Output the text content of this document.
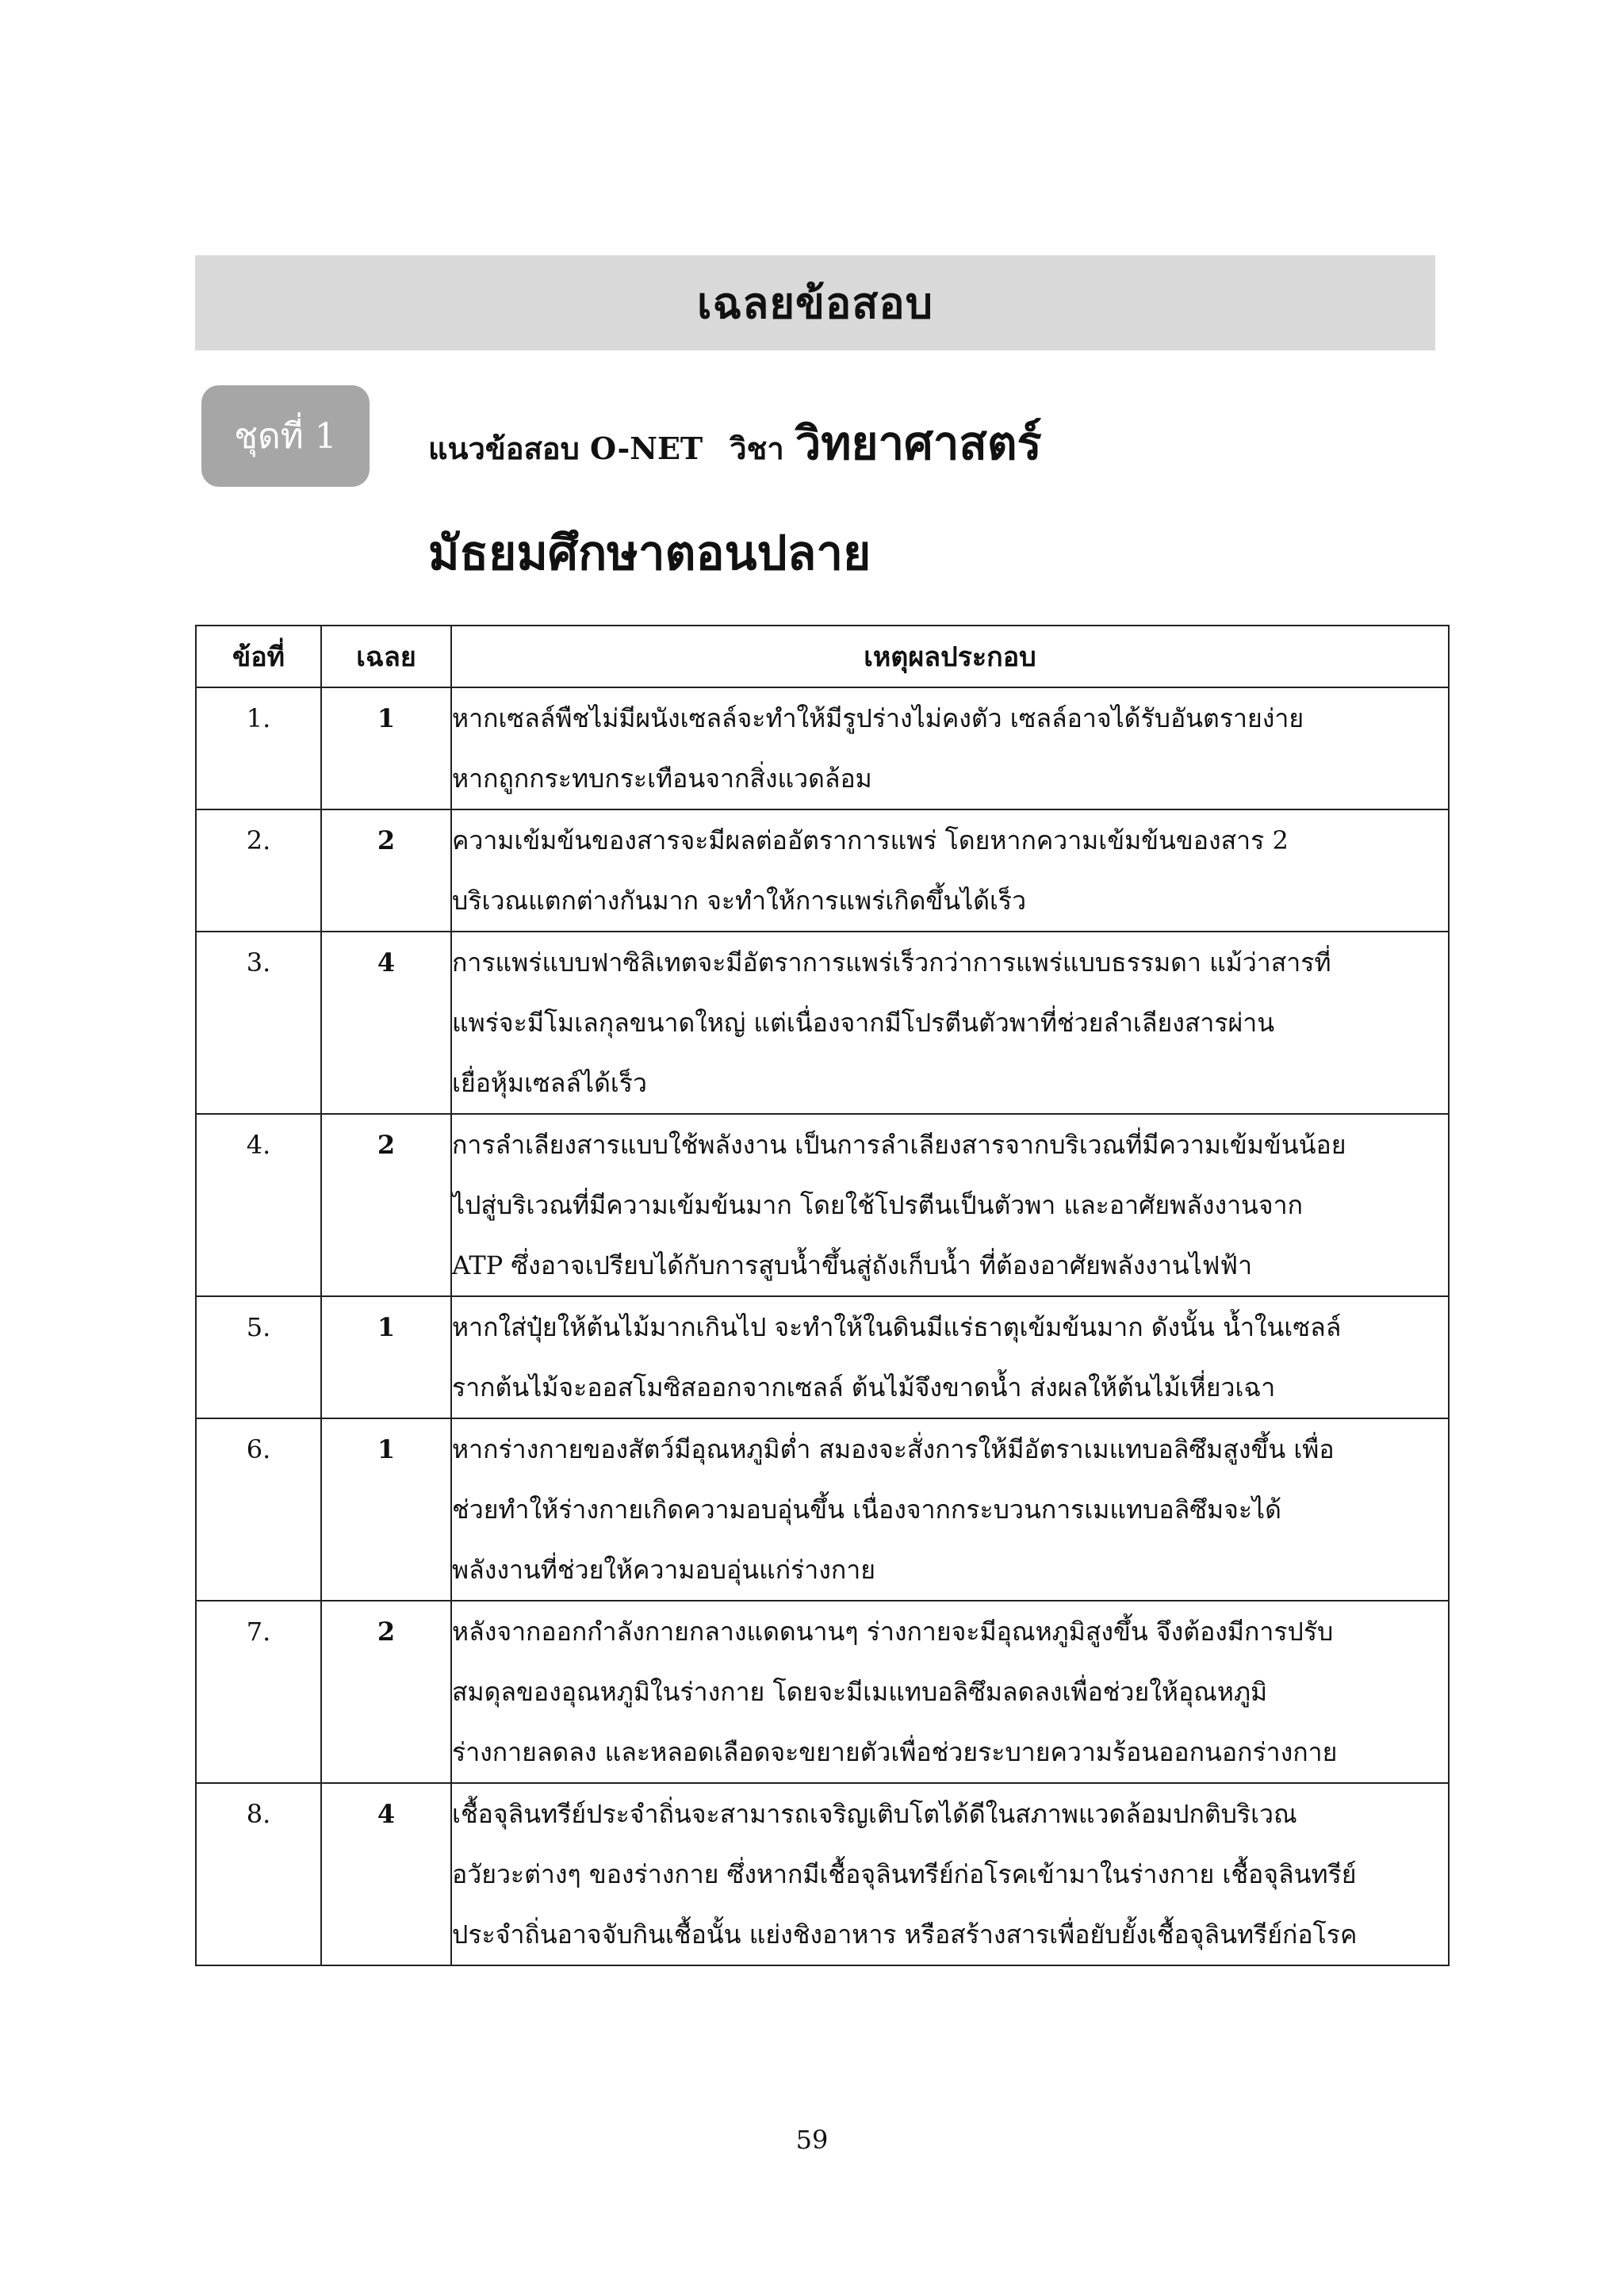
เฉลยข้อสอบ
ชุดที่ 1	แนวข้อสอบ O-NET วิชา วิทยาศาสตร์
มัธยมศึกษาตอนปลาย
ข้อที่	เฉลย	เหตุผลประกอบ
1.	1	หากเซลล์พืชไม่มีผนังเซลล์จะทำให้มีรูปร่างไม่คงตัว เซลล์อาจได้รับอันตรายง่าย
หากถูกกระทบกระเทือนจากสิ่งแวดล้อม

2.	2	ความเข้มข้นของสารจะมีผลต่ออัตราการแพร่ โดยหากความเข้มข้นของสาร 2
บริเวณแตกต่างกันมาก จะทำให้การแพร่เกิดขึ้นได้เร็ว

3.	4	การแพร่แบบฟาซิลิเทตจะมีอัตราการแพร่เร็วกว่าการแพร่แบบธรรมดา แม้ว่าสารที่
แพร่จะมีโมเลกุลขนาดใหญ่ แต่เนื่องจากมีโปรตีนตัวพาที่ช่วยลำเลียงสารผ่าน
เยื่อหุ้มเซลล์ได้เร็ว

4.	2	การลำเลียงสารแบบใช้พลังงาน เป็นการลำเลียงสารจากบริเวณที่มีความเข้มข้นน้อย
ไปสู่บริเวณที่มีความเข้มข้นมาก โดยใช้โปรตีนเป็นตัวพา และอาศัยพลังงานจาก
ATP ซึ่งอาจเปรียบได้กับการสูบน้ำขึ้นสู่ถังเก็บน้ำ ที่ต้องอาศัยพลังงานไฟฟ้า

5.	1	หากใส่ปุ๋ยให้ต้นไม้มากเกินไป จะทำให้ในดินมีแร่ธาตุเข้มข้นมาก ดังนั้น น้ำในเซลล์
รากต้นไม้จะออสโมซิสออกจากเซลล์ ต้นไม้จึงขาดน้ำ ส่งผลให้ต้นไม้เหี่ยวเฉา

6.	1	หากร่างกายของสัตว์มีอุณหภูมิต่ำ สมองจะสั่งการให้มีอัตราเมแทบอลิซึมสูงขึ้น เพื่อ
ช่วยทำให้ร่างกายเกิดความอบอุ่นขึ้น เนื่องจากกระบวนการเมแทบอลิซึมจะได้
พลังงานที่ช่วยให้ความอบอุ่นแก่ร่างกาย

7.	2	หลังจากออกกำลังกายกลางแดดนานๆ ร่างกายจะมีอุณหภูมิสูงขึ้น จึงต้องมีการปรับ
สมดุลของอุณหภูมิในร่างกาย โดยจะมีเมแทบอลิซึมลดลงเพื่อช่วยให้อุณหภูมิ
ร่างกายลดลง และหลอดเลือดจะขยายตัวเพื่อช่วยระบายความร้อนออกนอกร่างกาย

8.	4	เชื้อจุลินทรีย์ประจำถิ่นจะสามารถเจริญเติบโตได้ดีในสภาพแวดล้อมปกติบริเวณ
อวัยวะต่างๆ ของร่างกาย ซึ่งหากมีเชื้อจุลินทรีย์ก่อโรคเข้ามาในร่างกาย เชื้อจุลินทรีย์
ประจำถิ่นอาจจับกินเชื้อนั้น แย่งชิงอาหาร หรือสร้างสารเพื่อยับยั้งเชื้อจุลินทรีย์ก่อโรค
59
